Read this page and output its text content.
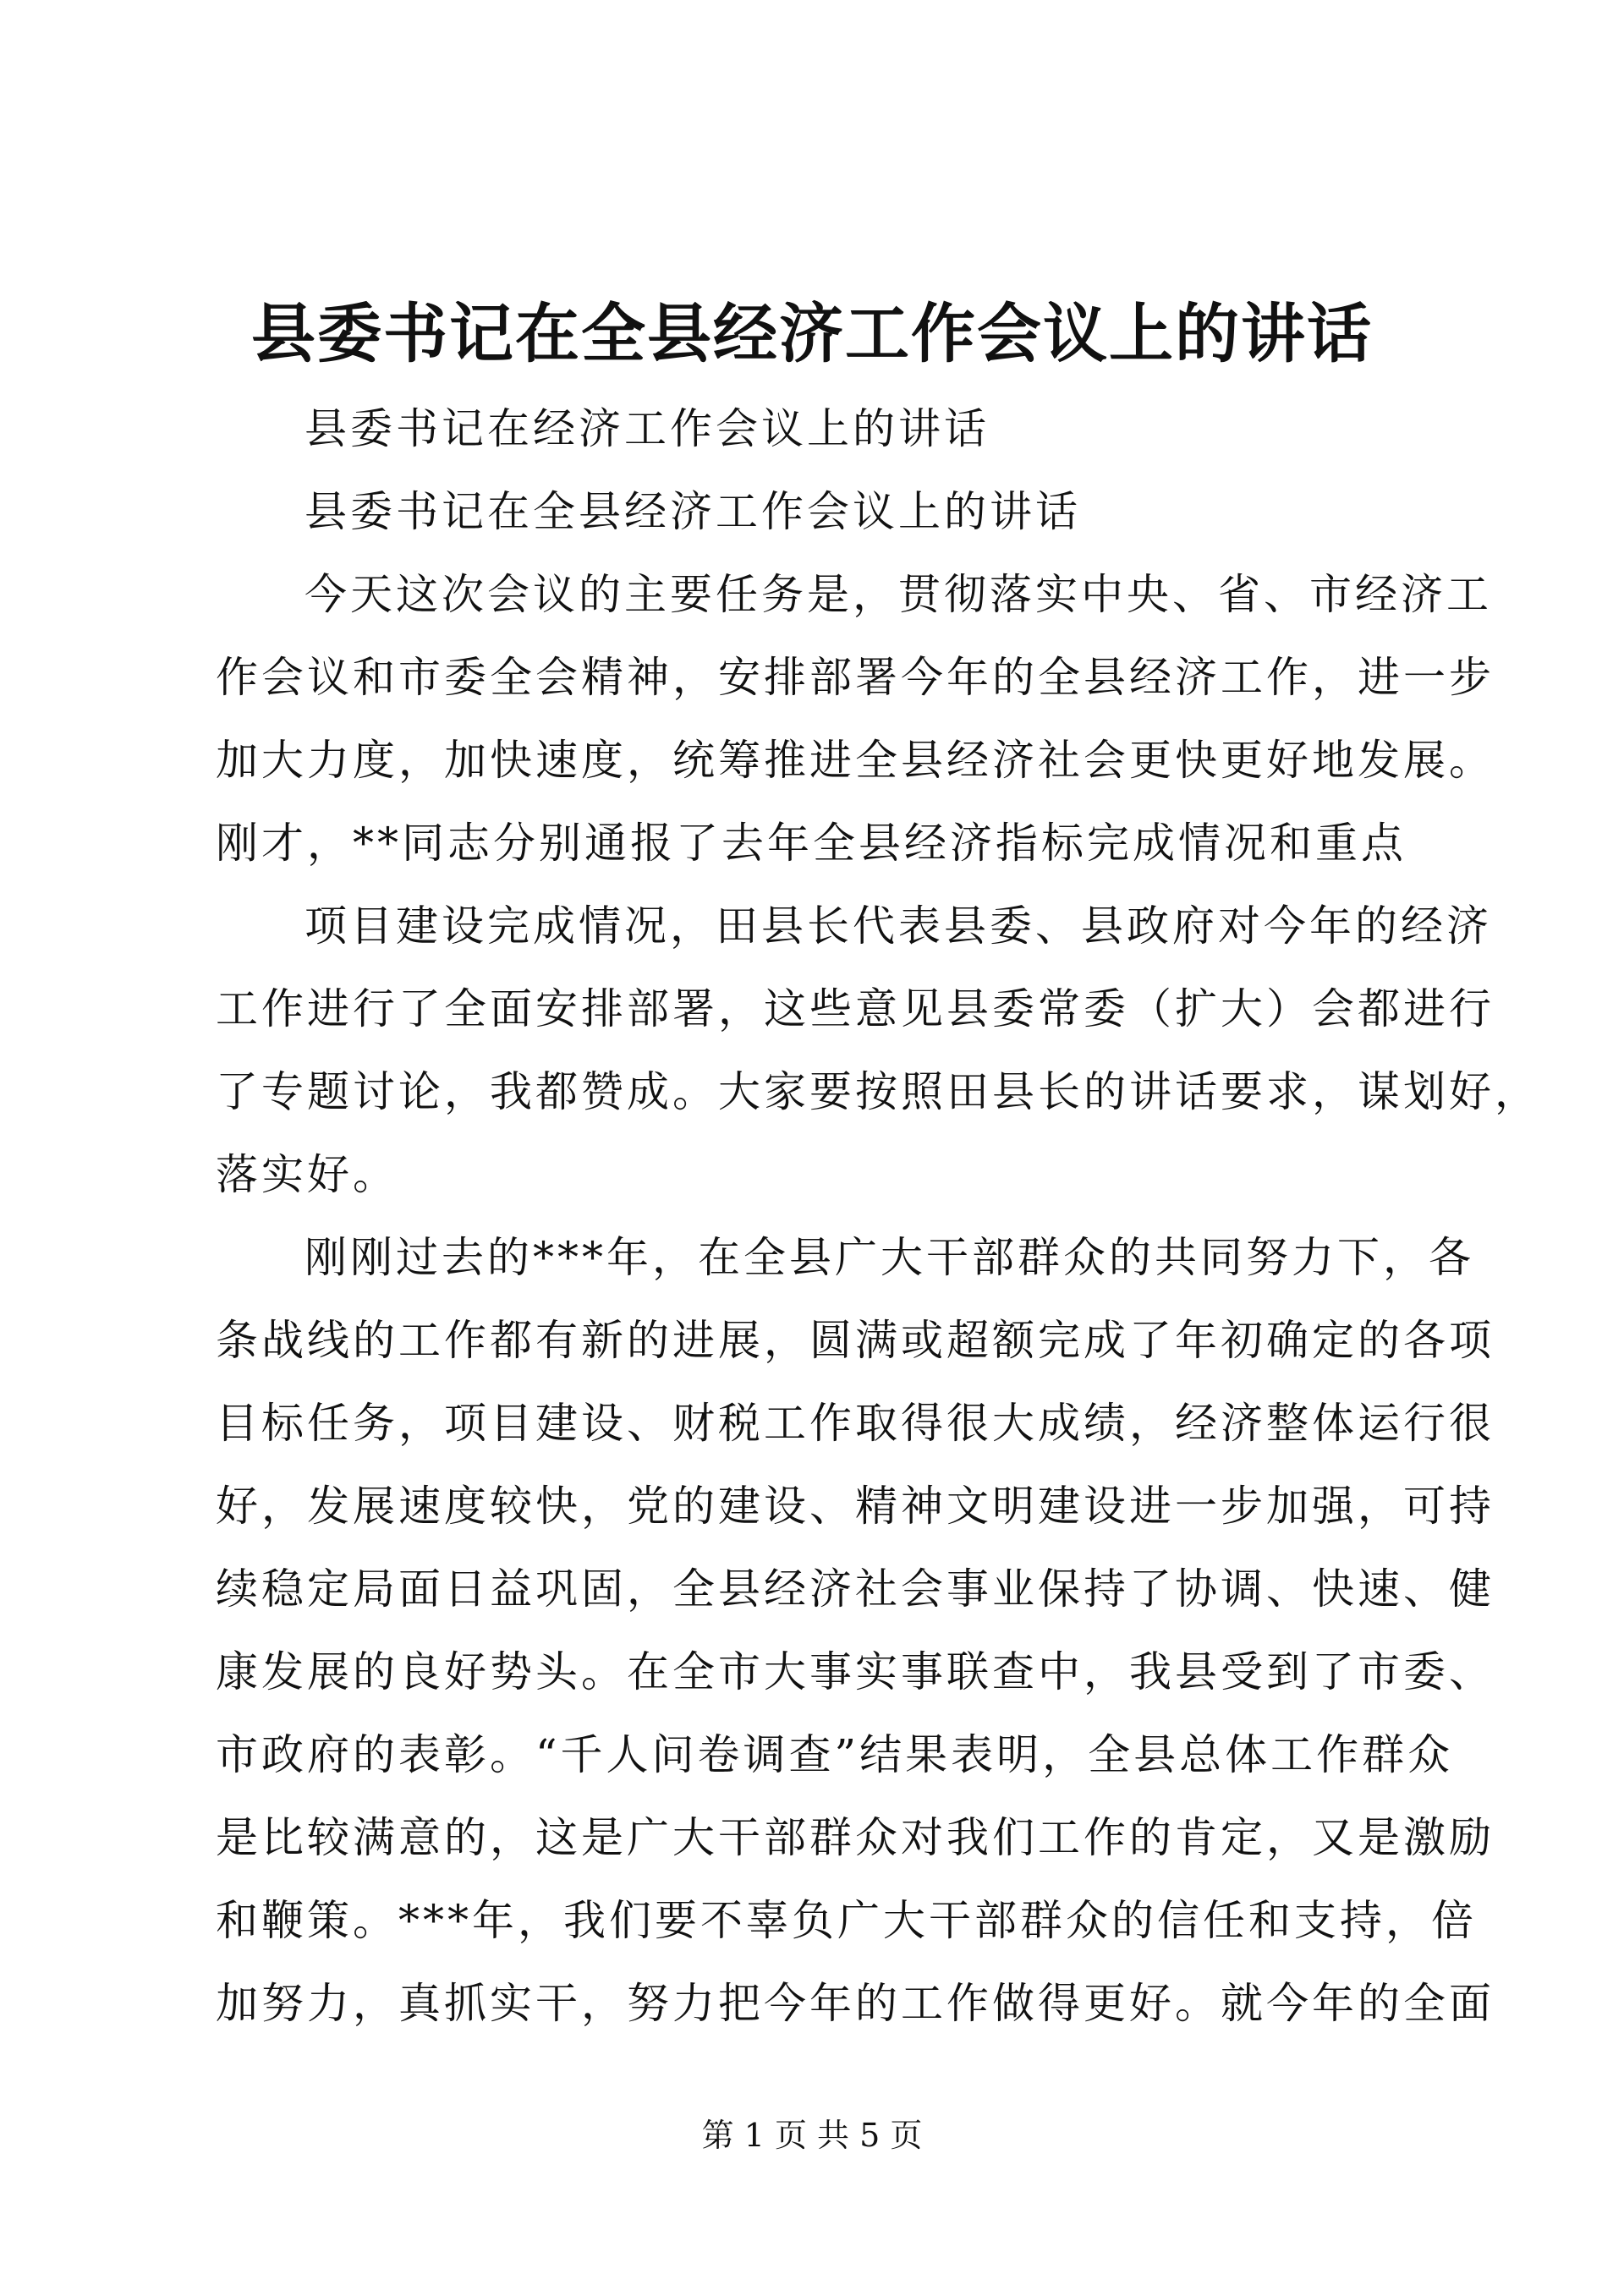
县委书记在全县经济工作会议上的讲话
县委书记在经济工作会议上的讲话
县委书记在全县经济工作会议上的讲话
今天这次会议的主要任务是，贯彻落实中央、省、市经济工
作会议和市委全会精神，安排部署今年的全县经济工作，进一步
加大力度，加快速度，统筹推进全县经济社会更快更好地发展。
刚才，**同志分别通报了去年全县经济指标完成情况和重点
项目建设完成情况，田县长代表县委、县政府对今年的经济
工作进行了全面安排部署，这些意见县委常委（扩大）会都进行
了专题讨论，我都赞成。大家要按照田县长的讲话要求，谋划好，
落实好。
刚刚过去的***年，在全县广大干部群众的共同努力下，各
条战线的工作都有新的进展，圆满或超额完成了年初确定的各项
目标任务，项目建设、财税工作取得很大成绩，经济整体运行很
好，发展速度较快，党的建设、精神文明建设进一步加强，可持
续稳定局面日益巩固，全县经济社会事业保持了协调、快速、健
康发展的良好势头。在全市大事实事联查中，我县受到了市委、
市政府的表彰。“千人问卷调查”结果表明，全县总体工作群众
是比较满意的，这是广大干部群众对我们工作的肯定，又是激励
和鞭策。***年，我们要不辜负广大干部群众的信任和支持，倍
加努力，真抓实干，努力把今年的工作做得更好。就今年的全面
第 1 页 共 5 页
